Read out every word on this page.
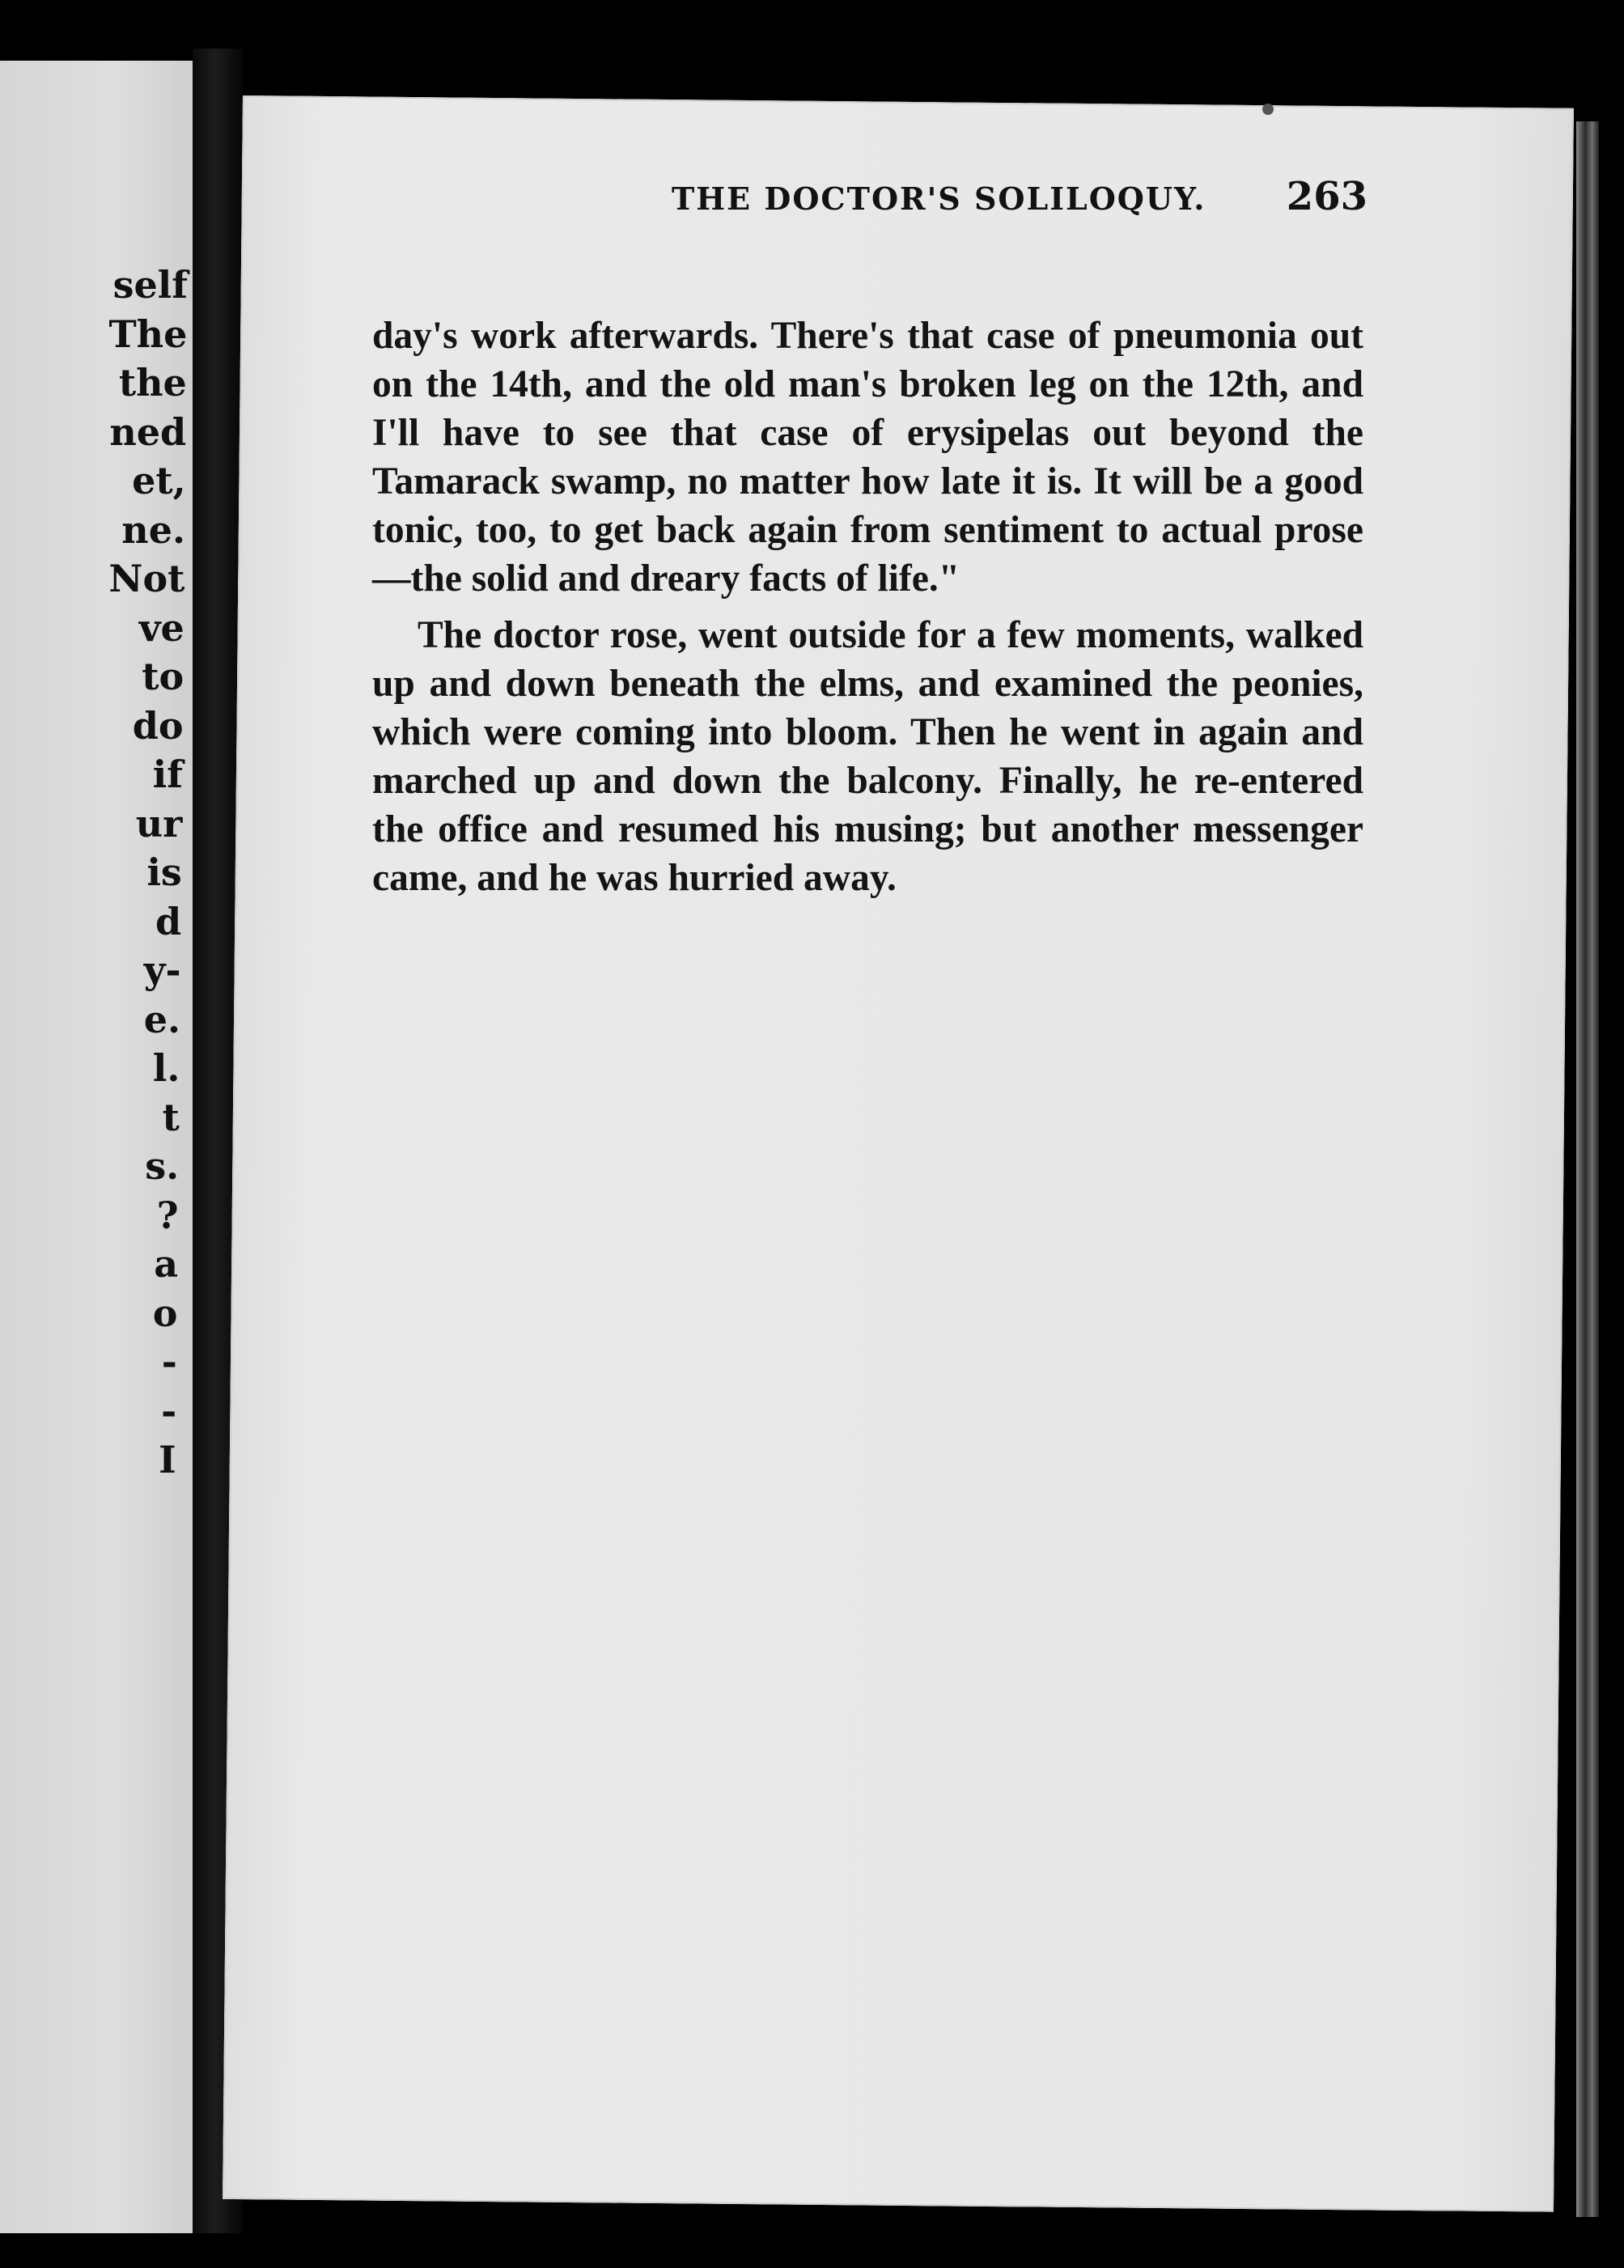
self
The
the
ned
et,
ne.
Not
ve
to
do
if
ur
is
d
y-
e.
l.
t
s.
?
a
o
-
-
I
THE DOCTOR'S SOLILOQUY. 263

day's work afterwards. There's that case of pneumonia out on the 14th, and the old man's broken leg on the 12th, and I'll have to see that case of erysipelas out beyond the Tamarack swamp, no matter how late it is. It will be a good tonic, too, to get back again from sentiment to actual prose—the solid and dreary facts of life."

The doctor rose, went outside for a few moments, walked up and down beneath the elms, and examined the peonies, which were coming into bloom. Then he went in again and marched up and down the balcony. Finally, he re-entered the office and resumed his musing; but another messenger came, and he was hurried away.
